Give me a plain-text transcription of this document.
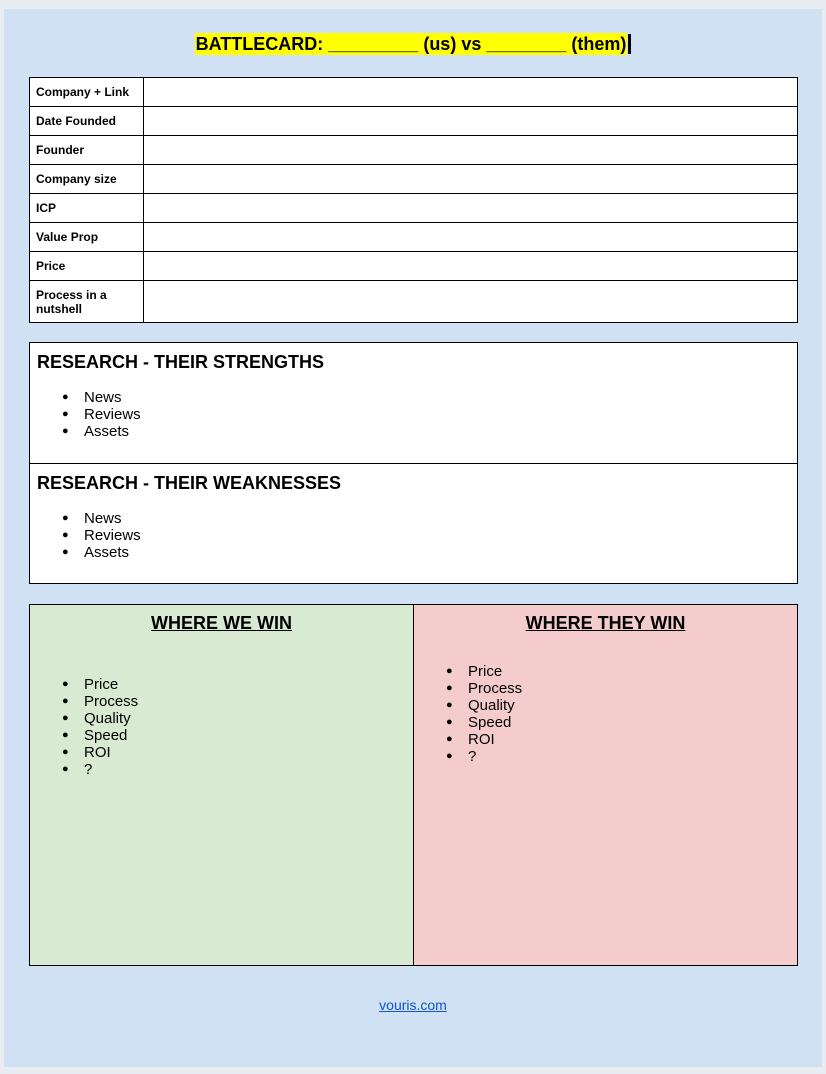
BATTLECARD: _________ (us) vs ________ (them)
Company + Link	
Date Founded	
Founder	
Company size	
ICP	
Value Prop	
Price	
Process in a nutshell	
RESEARCH - THEIR STRENGTHS
● News
● Reviews
● Assets
RESEARCH - THEIR WEAKNESSES
● News
● Reviews
● Assets
WHERE WE WIN
● Price
● Process
● Quality
● Speed
● ROI
● ?
WHERE THEY WIN
● Price
● Process
● Quality
● Speed
● ROI
● ?
vouris.com
